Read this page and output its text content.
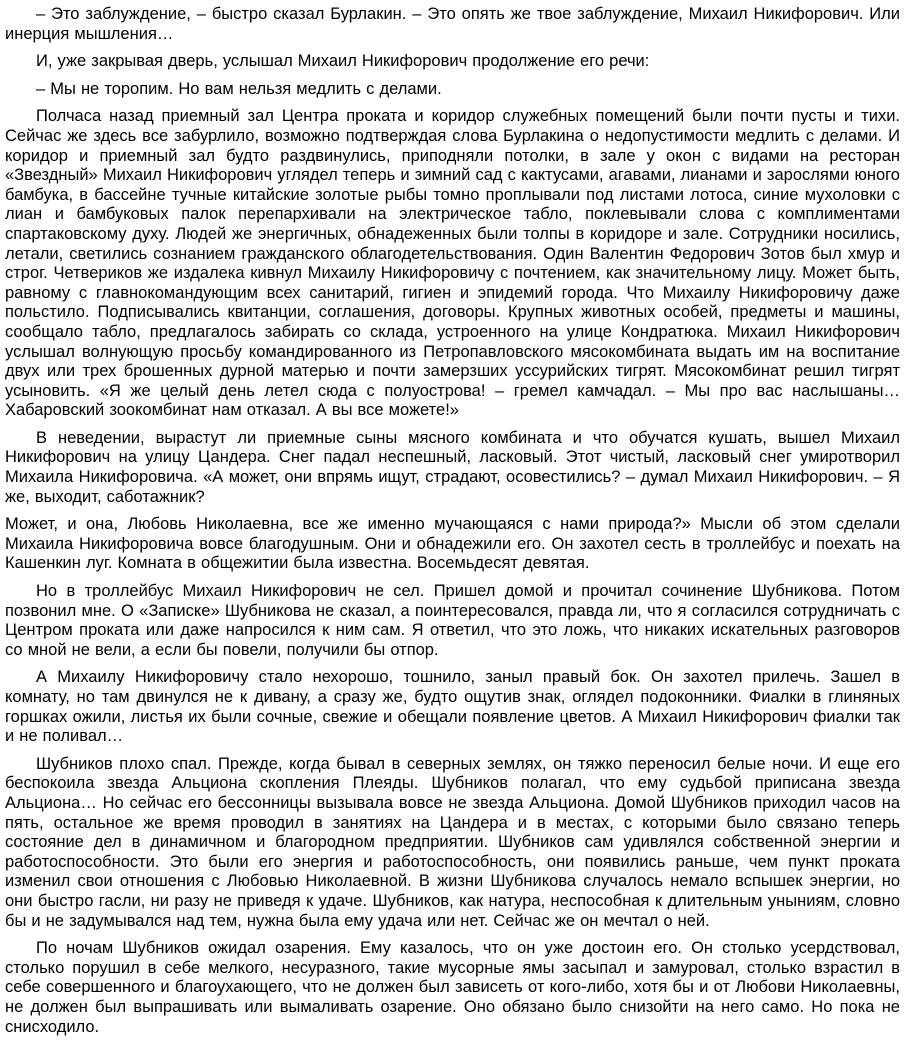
– Это заблуждение, – быстро сказал Бурлакин. – Это опять же твое заблуждение, Михаил Никифорович. Или инерция мышления…

И, уже закрывая дверь, услышал Михаил Никифорович продолжение его речи:

– Мы не торопим. Но вам нельзя медлить с делами.

Полчаса назад приемный зал Центра проката и коридор служебных помещений были почти пусты и тихи. Сейчас же здесь все забурлило, возможно подтверждая слова Бурлакина о недопустимости медлить с делами. И коридор и приемный зал будто раздвинулись, приподняли потолки, в зале у окон с видами на ресторан «Звездный» Михаил Никифорович углядел теперь и зимний сад с кактусами, агавами, лианами и зарослями юного бамбука, в бассейне тучные китайские золотые рыбы томно проплывали под листами лотоса, синие мухоловки с лиан и бамбуковых палок перепархивали на электрическое табло, поклевывали слова с комплиментами спартаковскому духу. Людей же энергичных, обнадеженных были толпы в коридоре и зале. Сотрудники носились, летали, светились сознанием гражданского облагодетельствования. Один Валентин Федорович Зотов был хмур и строг. Четвериков же издалека кивнул Михаилу Никифоровичу с почтением, как значительному лицу. Может быть, равному с главнокомандующим всех санитарий, гигиен и эпидемий города. Что Михаилу Никифоровичу даже польстило. Подписывались квитанции, соглашения, договоры. Крупных животных особей, предметы и машины, сообщало табло, предлагалось забирать со склада, устроенного на улице Кондратюка. Михаил Никифорович услышал волнующую просьбу командированного из Петропавловского мясокомбината выдать им на воспитание двух или трех брошенных дурной матерью и почти замерзших уссурийских тигрят. Мясокомбинат решил тигрят усыновить. «Я же целый день летел сюда с полуострова! – гремел камчадал. – Мы про вас наслышаны… Хабаровский зоокомбинат нам отказал. А вы все можете!»

В неведении, вырастут ли приемные сыны мясного комбината и что обучатся кушать, вышел Михаил Никифорович на улицу Цандера. Снег падал неспешный, ласковый. Этот чистый, ласковый снег умиротворил Михаила Никифоровича. «А может, они впрямь ищут, страдают, осовестились? – думал Михаил Никифорович. – Я же, выходит, саботажник?

Может, и она, Любовь Николаевна, все же именно мучающаяся с нами природа?» Мысли об этом сделали Михаила Никифоровича вовсе благодушным. Они и обнадежили его. Он захотел сесть в троллейбус и поехать на Кашенкин луг. Комната в общежитии была известна. Восемьдесят девятая.

Но в троллейбус Михаил Никифорович не сел. Пришел домой и прочитал сочинение Шубникова. Потом позвонил мне. О «Записке» Шубникова не сказал, а поинтересовался, правда ли, что я согласился сотрудничать с Центром проката или даже напросился к ним сам. Я ответил, что это ложь, что никаких искательных разговоров со мной не вели, а если бы повели, получили бы отпор.

А Михаилу Никифоровичу стало нехорошо, тошнило, заныл правый бок. Он захотел прилечь. Зашел в комнату, но там двинулся не к дивану, а сразу же, будто ощутив знак, оглядел подоконники. Фиалки в глиняных горшках ожили, листья их были сочные, свежие и обещали появление цветов. А Михаил Никифорович фиалки так и не поливал…

Шубников плохо спал. Прежде, когда бывал в северных землях, он тяжко переносил белые ночи. И еще его беспокоила звезда Альциона скопления Плеяды. Шубников полагал, что ему судьбой приписана звезда Альциона… Но сейчас его бессонницы вызывала вовсе не звезда Альциона. Домой Шубников приходил часов на пять, остальное же время проводил в занятиях на Цандера и в местах, с которыми было связано теперь состояние дел в динамичном и благородном предприятии. Шубников сам удивлялся собственной энергии и работоспособности. Это были его энергия и работоспособность, они появились раньше, чем пункт проката изменил свои отношения с Любовью Николаевной. В жизни Шубникова случалось немало вспышек энергии, но они быстро гасли, ни разу не приведя к удаче. Шубников, как натура, неспособная к длительным уныниям, словно бы и не задумывался над тем, нужна была ему удача или нет. Сейчас же он мечтал о ней.

По ночам Шубников ожидал озарения. Ему казалось, что он уже достоин его. Он столько усердствовал, столько порушил в себе мелкого, несуразного, такие мусорные ямы засыпал и замуровал, столько взрастил в себе совершенного и благоухающего, что не должен был зависеть от кого-либо, хотя бы и от Любови Николаевны, не должен был выпрашивать или вымаливать озарение. Оно обязано было снизойти на него само. Но пока не снисходило.
